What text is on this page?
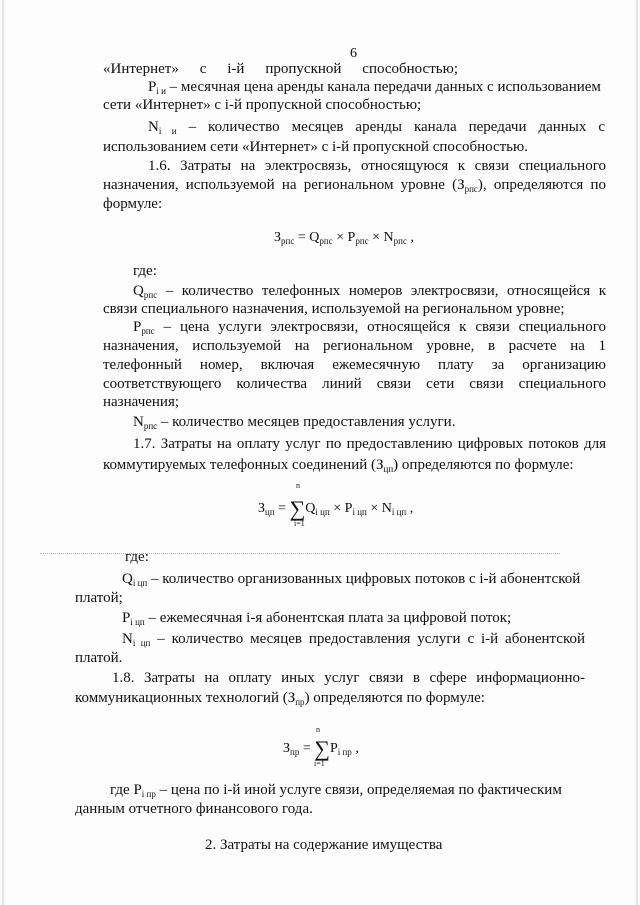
6
«Интернет» с i-й пропускной способностью;
$P_{i и}$ – месячная цена аренды канала передачи данных с использованием
сети «Интернет» с i-й пропускной способностью;
$N_{i и}$ – количество месяцев аренды канала передачи данных с
использованием сети «Интернет» с i-й пропускной способностью.
1.6. Затраты на электросвязь, относящуюся к связи специального
назначения, используемой на региональном уровне $(З_{рпс})$, определяются по
формуле:
$З_{рпс} = Q_{рпс} \times P_{рпс} \times N_{рпс}$ ,
где:
$Q_{рпс}$ – количество телефонных номеров электросвязи, относящейся к
связи специального назначения, используемой на региональном уровне;
$P_{рпс}$ – цена услуги электросвязи, относящейся к связи специального
назначения, используемой на региональном уровне, в расчете на 1
телефонный номер, включая ежемесячную плату за организацию
соответствующего количества линий связи сети связи специального
назначения;
$N_{рпс}$ – количество месяцев предоставления услуги.
1.7. Затраты на оплату услуг по предоставлению цифровых потоков для
коммутируемых телефонных соединений $(З_{цп})$ определяются по формуле:
n
$З_{цп} = \sum Q_{i цп} \times P_{i цп} \times N_{i цп}$ ,
i=1
где:
$Q_{i цп}$ – количество организованных цифровых потоков с i-й абонентской
платой;
$P_{i цп}$ – ежемесячная i-я абонентская плата за цифровой поток;
$N_{i цп}$ – количество месяцев предоставления услуги с i-й абонентской
платой.
1.8. Затраты на оплату иных услуг связи в сфере информационно-
коммуникационных технологий $(З_{пр})$ определяются по формуле:
n
$З_{пр} = \sum P_{i пр}$ ,
i=1
где $P_{i пр}$ – цена по i-й иной услуге связи, определяемая по фактическим
данным отчетного финансового года.
2. Затраты на содержание имущества
